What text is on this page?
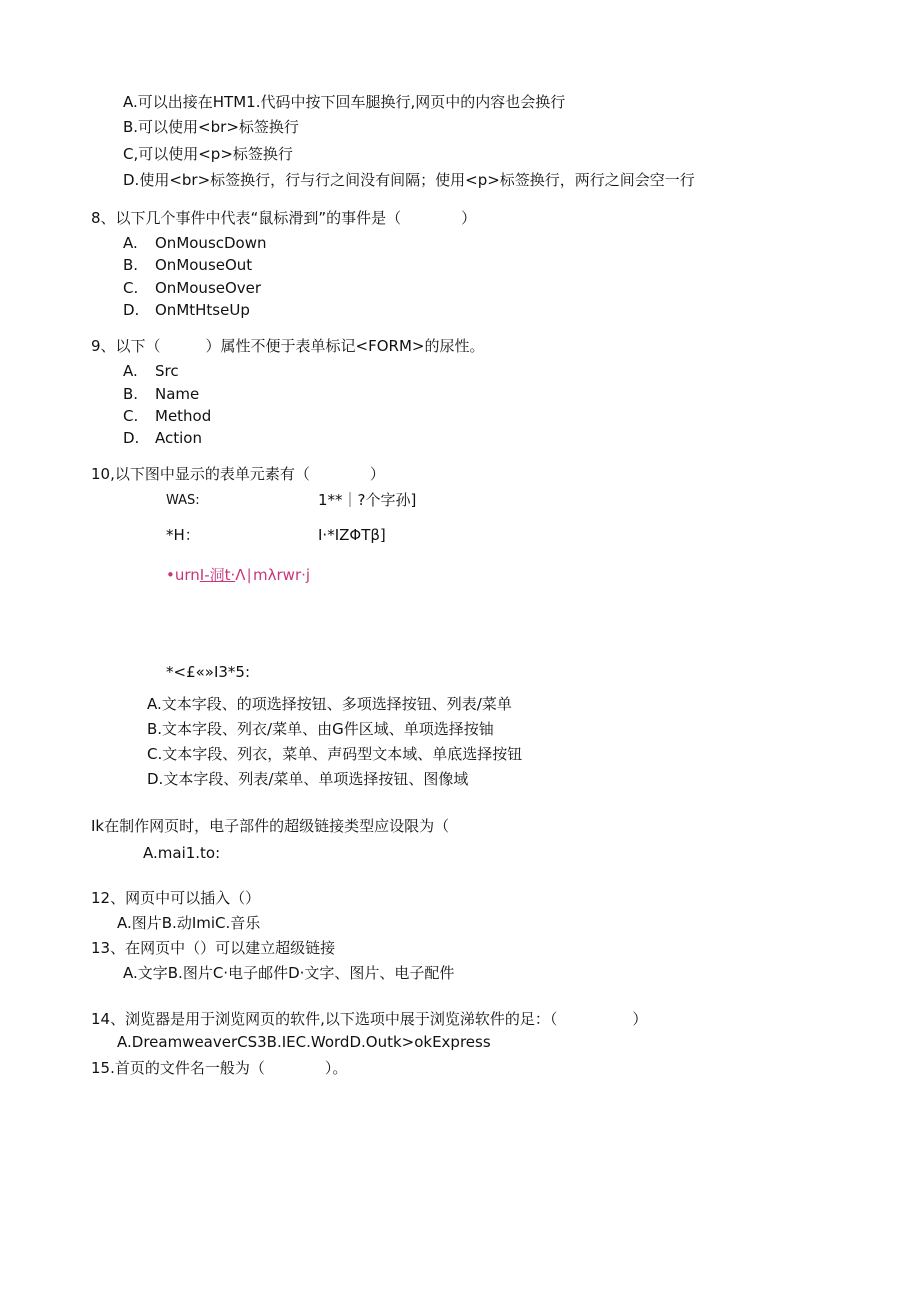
A.可以出接在HTM1.代码中按下回车腿换行,网页中的内容也会换行
B.可以使用<br>标签换行
C,可以使用<p>标签换行
D.使用<br>标签换行，行与行之间没有间隔；使用<p>标签换行，两行之间会空一行
8、以下几个事件中代表“鼠标滑到”的事件是（　　　　）
A. OnMouscDown
B. OnMouseOut
C. OnMouseOver
D. OnMtHtseUp
9、以下（　　　）属性不便于表单标记<FORM>的尿性。
A. Src
B. Name
C. Method
D. Action
10,以下图中显示的表单元素有（　　　　）
WAS:	1**｜?个字孙]
*H：	I·*IZΦTβ]
•urnI-洞t·Λ∣mλrwr·j
*<£«»I3*5:
A.文本字段、的项选择按钮、多项选择按钮、列表/菜单
B.文本字段、列衣/菜单、由G件区域、单项选择按铀
C.文本字段、列衣，菜单、声码型文本域、单底选择按钮
D.文本字段、列表/菜单、单项选择按钮、图像域
Ik在制作网页时，电子部件的超级链接类型应设限为（
A.mai1.to:
12、网页中可以插入（）
A.图片B.动ImiC.音乐
13、在网页中（）可以建立超级链接
A.文字B.图片C·电子邮件D·文字、图片、电子配件
14、浏览器是用于浏览网页的软件,以下选项中展于浏览涕软件的足：（　　　　　）
A.DreamweaverCS3B.IEC.WordD.Outk>okExpress
15.首页的文件名一般为（　　　　）。
